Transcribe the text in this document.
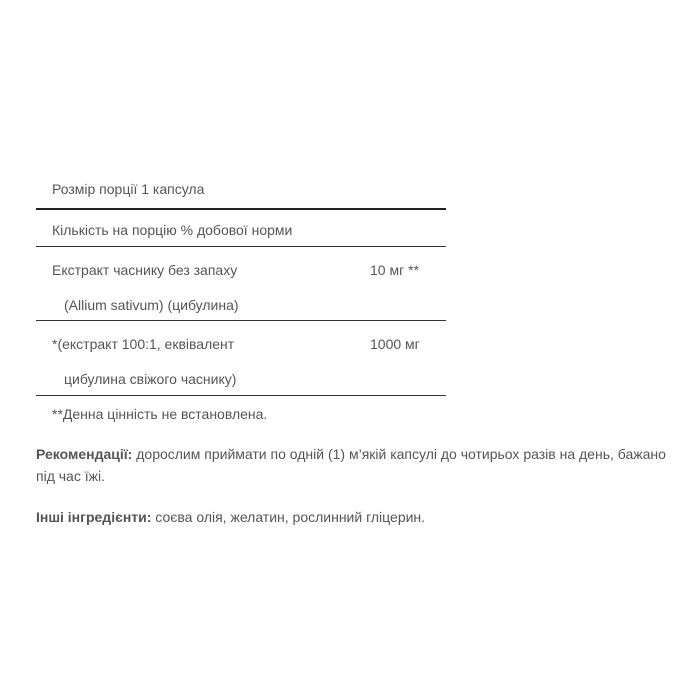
Розмір порції 1 капсула
Кількість на порцію % добової норми
Екстракт часнику без запаху	10 мг **
(Allium sativum) (цибулина)
*(екстракт 100:1, еквівалент	1000 мг
цибулина свіжого часнику)
**Денна цінність не встановлена.
Рекомендації: дорослим приймати по одній (1) м’якій капсулі до чотирьох разів на день, бажано під час їжі.
Інші інгредієнти: соєва олія, желатин, рослинний гліцерин.
